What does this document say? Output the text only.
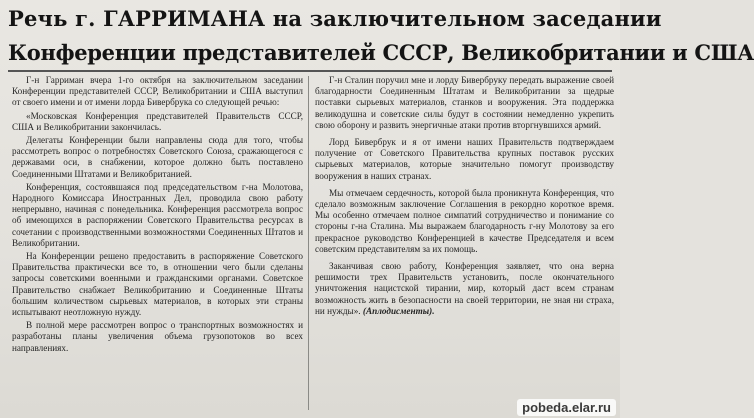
Речь г. ГАРРИМАНА на заключительном заседании
Конференции представителей СССР, Великобритании и США

Г-н Гарриман вчера 1-го октября на заключительном заседании Конференции представителей СССР, Великобритании и США выступил от своего имени и от имени лорда Бивербрука со следующей речью:

«Московская Конференция представителей Правительств СССР, США и Великобритании закончилась.

Делегаты Конференции были направлены сюда для того, чтобы рассмотреть вопрос о потребностях Советского Союза, сражающегося с державами оси, в снабжении, которое должно быть поставлено Соединенными Штатами и Великобританией.

Конференция, состоявшаяся под председательством г-на Молотова, Народного Комиссара Иностранных Дел, проводила свою работу непрерывно, начиная с понедельника. Конференция рассмотрела вопрос об имеющихся в распоряжении Советского Правительства ресурсах в сочетании с производственными возможностями Соединенных Штатов и Великобритании.

На Конференции решено предоставить в распоряжение Советского Правительства практически все то, в отношении чего были сделаны запросы советскими военными и гражданскими органами. Советское Правительство снабжает Великобританию и Соединенные Штаты большим количеством сырьевых материалов, в которых эти страны испытывают неотложную нужду.

В полной мере рассмотрен вопрос о транспортных возможностях и разработаны планы увеличения объема грузопотоков во всех направлениях.

Г-н Сталин поручил мне и лорду Бивербруку передать выражение своей благодарности Соединенным Штатам и Великобритании за щедрые поставки сырьевых материалов, станков и вооружения. Эта поддержка великодушна и советские силы будут в состоянии немедленно укрепить свою оборону и развить энергичные атаки против вторгнувшихся армий.

Лорд Бивербрук и я от имени наших Правительств подтверждаем получение от Советского Правительства крупных поставок русских сырьевых материалов, которые значительно помогут производству вооружения в наших странах.

Мы отмечаем сердечность, которой была проникнута Конференция, что сделало возможным заключение Соглашения в рекордно короткое время. Мы особенно отмечаем полное симпатий сотрудничество и понимание со стороны г-на Сталина. Мы выражаем благодарность г-ну Молотову за его прекрасное руководство Конференцией в качестве Председателя и всем советским представителям за их помощь.

Заканчивая свою работу, Конференция заявляет, что она верна решимости трех Правительств установить, после окончательного уничтожения нацистской тирании, мир, который даст всем странам возможность жить в безопасности на своей территории, не зная ни страха, ни нужды». (Аплодисменты).

pobeda.elar.ru
